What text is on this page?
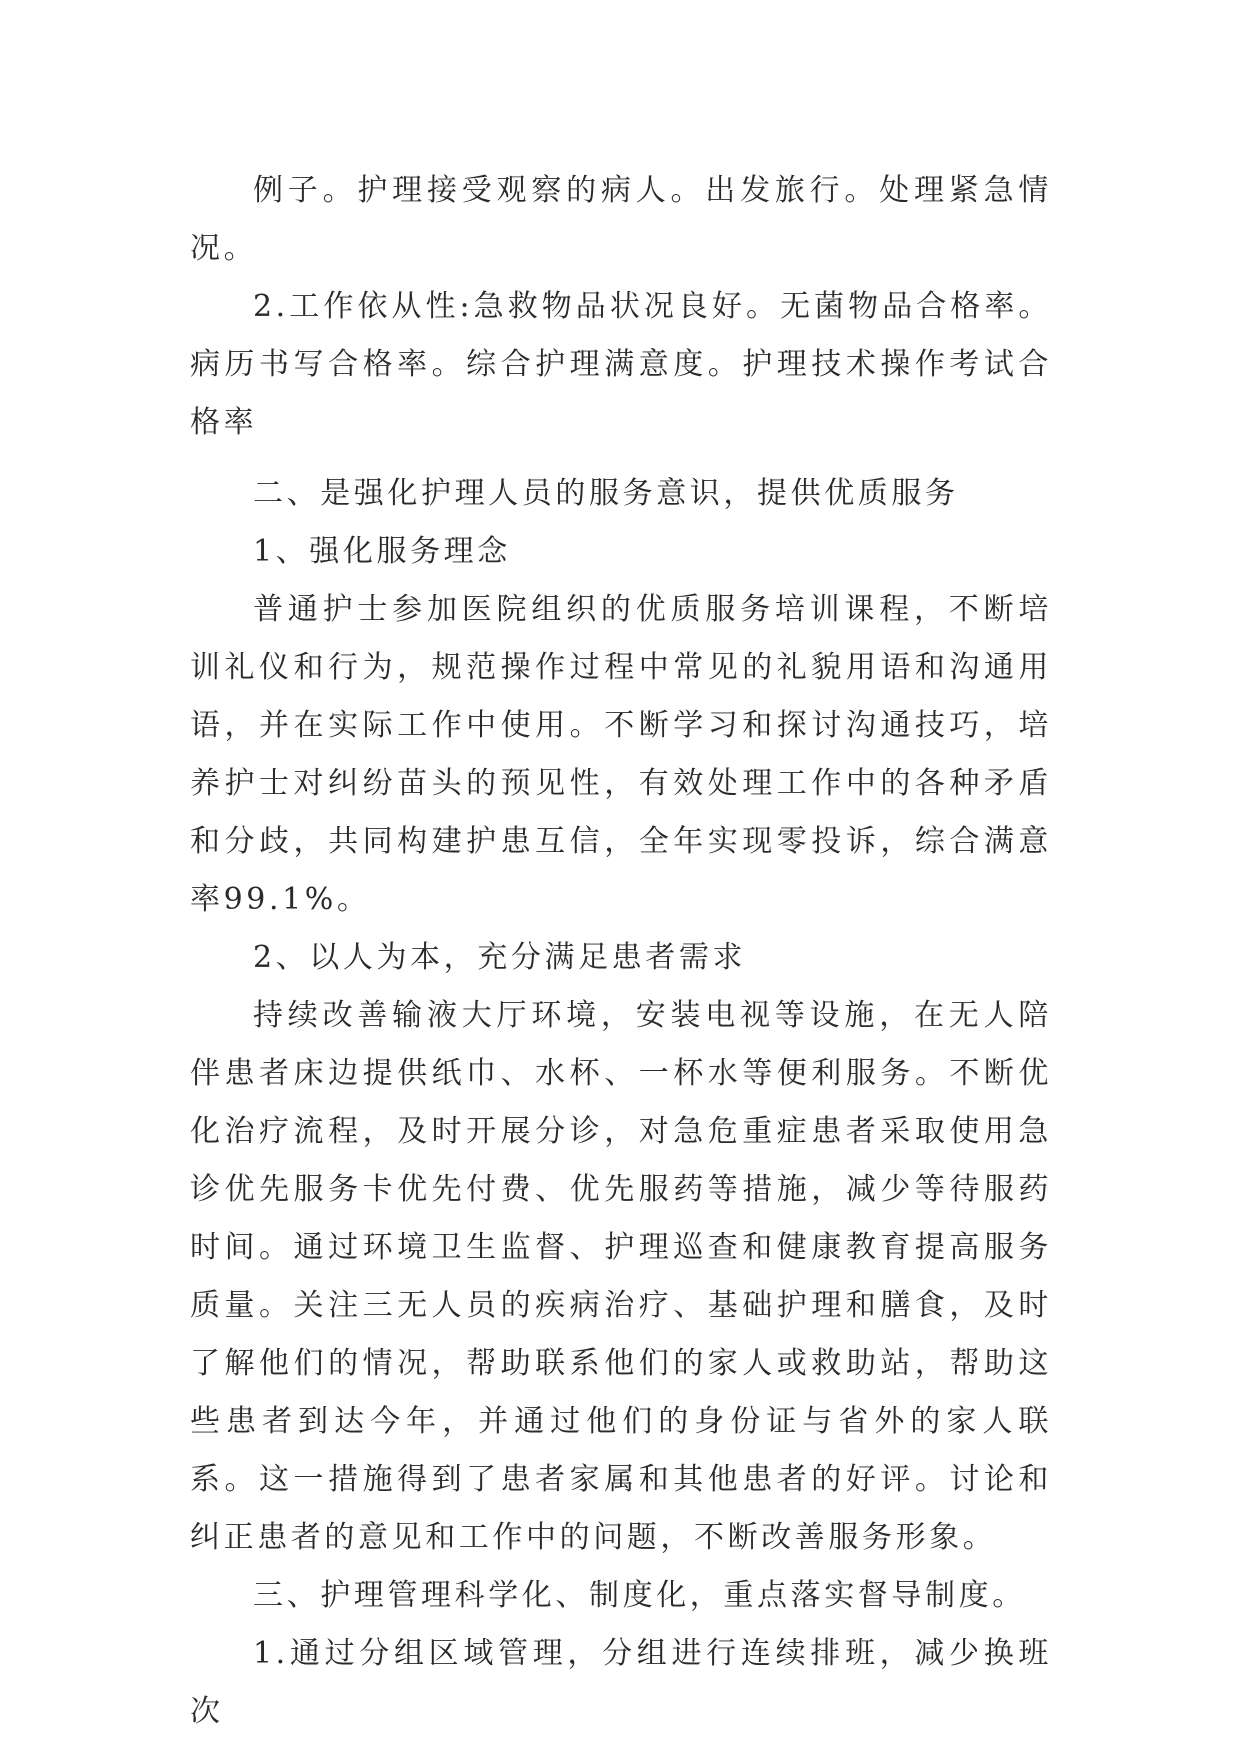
例子。护理接受观察的病人。出发旅行。处理紧急情况。

2.工作依从性:急救物品状况良好。无菌物品合格率。病历书写合格率。综合护理满意度。护理技术操作考试合格率

二、是强化护理人员的服务意识，提供优质服务

1、强化服务理念

普通护士参加医院组织的优质服务培训课程，不断培训礼仪和行为，规范操作过程中常见的礼貌用语和沟通用语，并在实际工作中使用。不断学习和探讨沟通技巧，培养护士对纠纷苗头的预见性，有效处理工作中的各种矛盾和分歧，共同构建护患互信，全年实现零投诉，综合满意率99.1%。

2、以人为本，充分满足患者需求

持续改善输液大厅环境，安装电视等设施，在无人陪伴患者床边提供纸巾、水杯、一杯水等便利服务。不断优化治疗流程，及时开展分诊，对急危重症患者采取使用急诊优先服务卡优先付费、优先服药等措施，减少等待服药时间。通过环境卫生监督、护理巡查和健康教育提高服务质量。关注三无人员的疾病治疗、基础护理和膳食，及时了解他们的情况，帮助联系他们的家人或救助站，帮助这些患者到达今年，并通过他们的身份证与省外的家人联系。这一措施得到了患者家属和其他患者的好评。讨论和纠正患者的意见和工作中的问题，不断改善服务形象。

三、护理管理科学化、制度化，重点落实督导制度。

1.通过分组区域管理，分组进行连续排班，减少换班次
